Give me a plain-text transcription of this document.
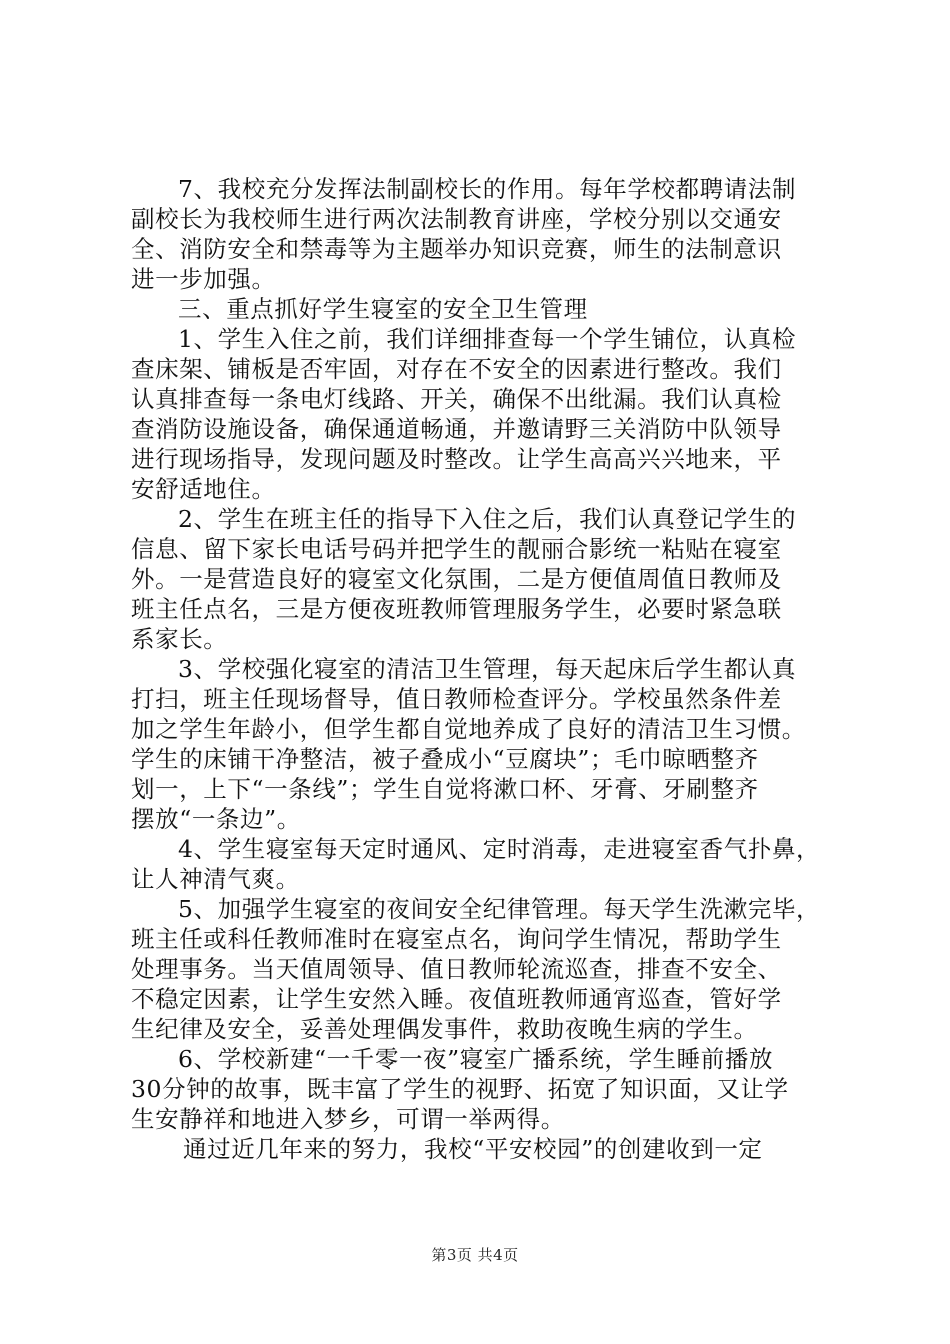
7、我校充分发挥法制副校长的作用。每年学校都聘请法制
副校长为我校师生进行两次法制教育讲座，学校分别以交通安
全、消防安全和禁毒等为主题举办知识竞赛，师生的法制意识
进一步加强。

三、重点抓好学生寝室的安全卫生管理

1、学生入住之前，我们详细排查每一个学生铺位，认真检
查床架、铺板是否牢固，对存在不安全的因素进行整改。我们
认真排查每一条电灯线路、开关，确保不出纰漏。我们认真检
查消防设施设备，确保通道畅通，并邀请野三关消防中队领导
进行现场指导，发现问题及时整改。让学生高高兴兴地来，平
安舒适地住。

2、学生在班主任的指导下入住之后，我们认真登记学生的
信息、留下家长电话号码并把学生的靓丽合影统一粘贴在寝室
外。一是营造良好的寝室文化氛围，二是方便值周值日教师及
班主任点名，三是方便夜班教师管理服务学生，必要时紧急联
系家长。

3、学校强化寝室的清洁卫生管理，每天起床后学生都认真
打扫，班主任现场督导，值日教师检查评分。学校虽然条件差
加之学生年龄小，但学生都自觉地养成了良好的清洁卫生习惯。
学生的床铺干净整洁，被子叠成小“豆腐块”；毛巾晾晒整齐
划一，上下“一条线”；学生自觉将漱口杯、牙膏、牙刷整齐
摆放“一条边”。

4、学生寝室每天定时通风、定时消毒，走进寝室香气扑鼻，
让人神清气爽。

5、加强学生寝室的夜间安全纪律管理。每天学生洗漱完毕，
班主任或科任教师准时在寝室点名，询问学生情况，帮助学生
处理事务。当天值周领导、值日教师轮流巡查，排查不安全、
不稳定因素，让学生安然入睡。夜值班教师通宵巡查，管好学
生纪律及安全，妥善处理偶发事件，救助夜晚生病的学生。

6、学校新建“一千零一夜”寝室广播系统，学生睡前播放
30分钟的故事，既丰富了学生的视野、拓宽了知识面，又让学
生安静祥和地进入梦乡，可谓一举两得。

通过近几年来的努力，我校“平安校园”的创建收到一定

第3页 共4页
